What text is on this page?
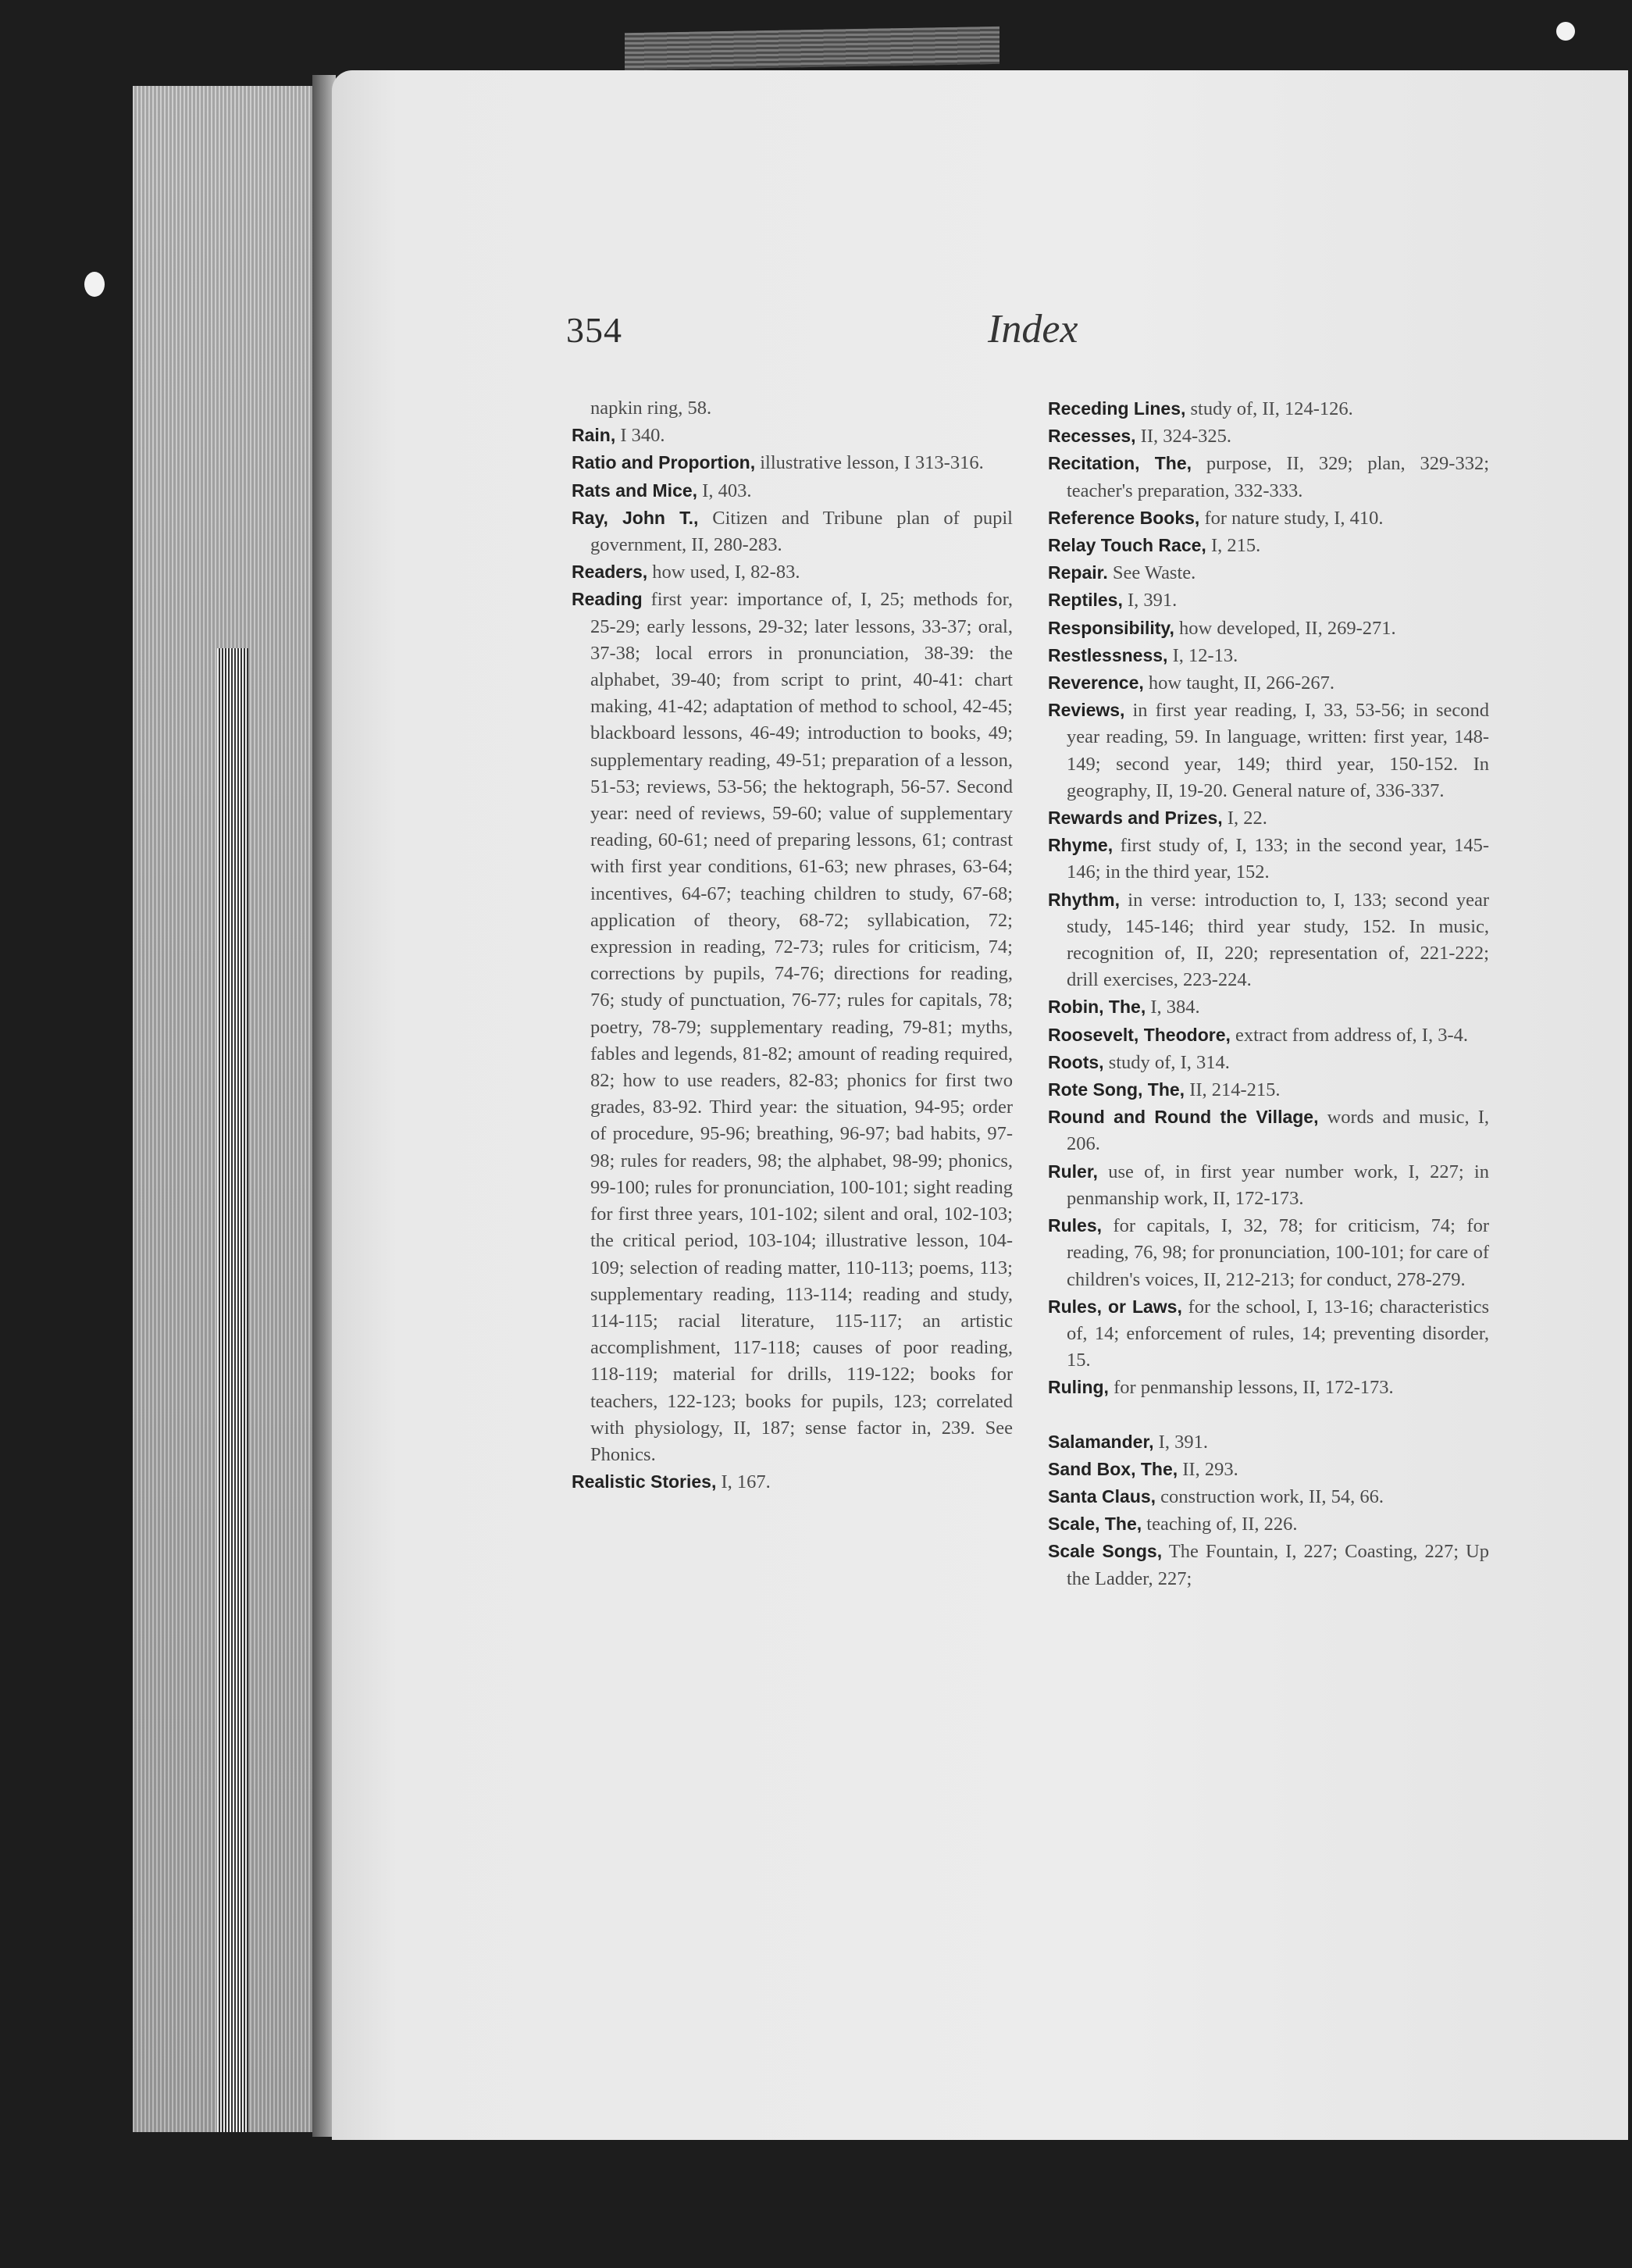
354	Index

napkin ring, 58.

Rain, I 340.

Ratio and Proportion, illustrative lesson, I 313-316.

Rats and Mice, I, 403.

Ray, John T., Citizen and Tribune plan of pupil government, II, 280-283.

Readers, how used, I, 82-83.

Reading first year: importance of, I, 25; methods for, 25-29; early lessons, 29-32; later lessons, 33-37; oral, 37-38; local errors in pronunciation, 38-39: the alphabet, 39-40; from script to print, 40-41: chart making, 41-42; adaptation of method to school, 42-45; blackboard lessons, 46-49; introduction to books, 49; supplementary reading, 49-51; preparation of a lesson, 51-53; reviews, 53-56; the hektograph, 56-57. Second year: need of reviews, 59-60; value of supplementary reading, 60-61; need of preparing lessons, 61; contrast with first year conditions, 61-63; new phrases, 63-64; incentives, 64-67; teaching children to study, 67-68; application of theory, 68-72; syllabication, 72; expression in reading, 72-73; rules for criticism, 74; corrections by pupils, 74-76; directions for reading, 76; study of punctuation, 76-77; rules for capitals, 78; poetry, 78-79; supplementary reading, 79-81; myths, fables and legends, 81-82; amount of reading required, 82; how to use readers, 82-83; phonics for first two grades, 83-92. Third year: the situation, 94-95; order of procedure, 95-96; breathing, 96-97; bad habits, 97-98; rules for readers, 98; the alphabet, 98-99; phonics, 99-100; rules for pronunciation, 100-101; sight reading for first three years, 101-102; silent and oral, 102-103; the critical period, 103-104; illustrative lesson, 104-109; selection of reading matter, 110-113; poems, 113; supplementary reading, 113-114; reading and study, 114-115; racial literature, 115-117; an artistic accomplishment, 117-118; causes of poor reading, 118-119; material for drills, 119-122; books for teachers, 122-123; books for pupils, 123; correlated with physiology, II, 187; sense factor in, 239. See Phonics.

Realistic Stories, I, 167.

Receding Lines, study of, II, 124-126.

Recesses, II, 324-325.

Recitation, The, purpose, II, 329; plan, 329-332; teacher's preparation, 332-333.

Reference Books, for nature study, I, 410.

Relay Touch Race, I, 215.

Repair. See Waste.

Reptiles, I, 391.

Responsibility, how developed, II, 269-271.

Restlessness, I, 12-13.

Reverence, how taught, II, 266-267.

Reviews, in first year reading, I, 33, 53-56; in second year reading, 59. In language, written: first year, 148-149; second year, 149; third year, 150-152. In geography, II, 19-20. General nature of, 336-337.

Rewards and Prizes, I, 22.

Rhyme, first study of, I, 133; in the second year, 145-146; in the third year, 152.

Rhythm, in verse: introduction to, I, 133; second year study, 145-146; third year study, 152. In music, recognition of, II, 220; representation of, 221-222; drill exercises, 223-224.

Robin, The, I, 384.

Roosevelt, Theodore, extract from address of, I, 3-4.

Roots, study of, I, 314.

Rote Song, The, II, 214-215.

Round and Round the Village, words and music, I, 206.

Ruler, use of, in first year number work, I, 227; in penmanship work, II, 172-173.

Rules, for capitals, I, 32, 78; for criticism, 74; for reading, 76, 98; for pronunciation, 100-101; for care of children's voices, II, 212-213; for conduct, 278-279.

Rules, or Laws, for the school, I, 13-16; characteristics of, 14; enforcement of rules, 14; preventing disorder, 15.

Ruling, for penmanship lessons, II, 172-173.

Salamander, I, 391.

Sand Box, The, II, 293.

Santa Claus, construction work, II, 54, 66.

Scale, The, teaching of, II, 226.

Scale Songs, The Fountain, I, 227; Coasting, 227; Up the Ladder, 227;
